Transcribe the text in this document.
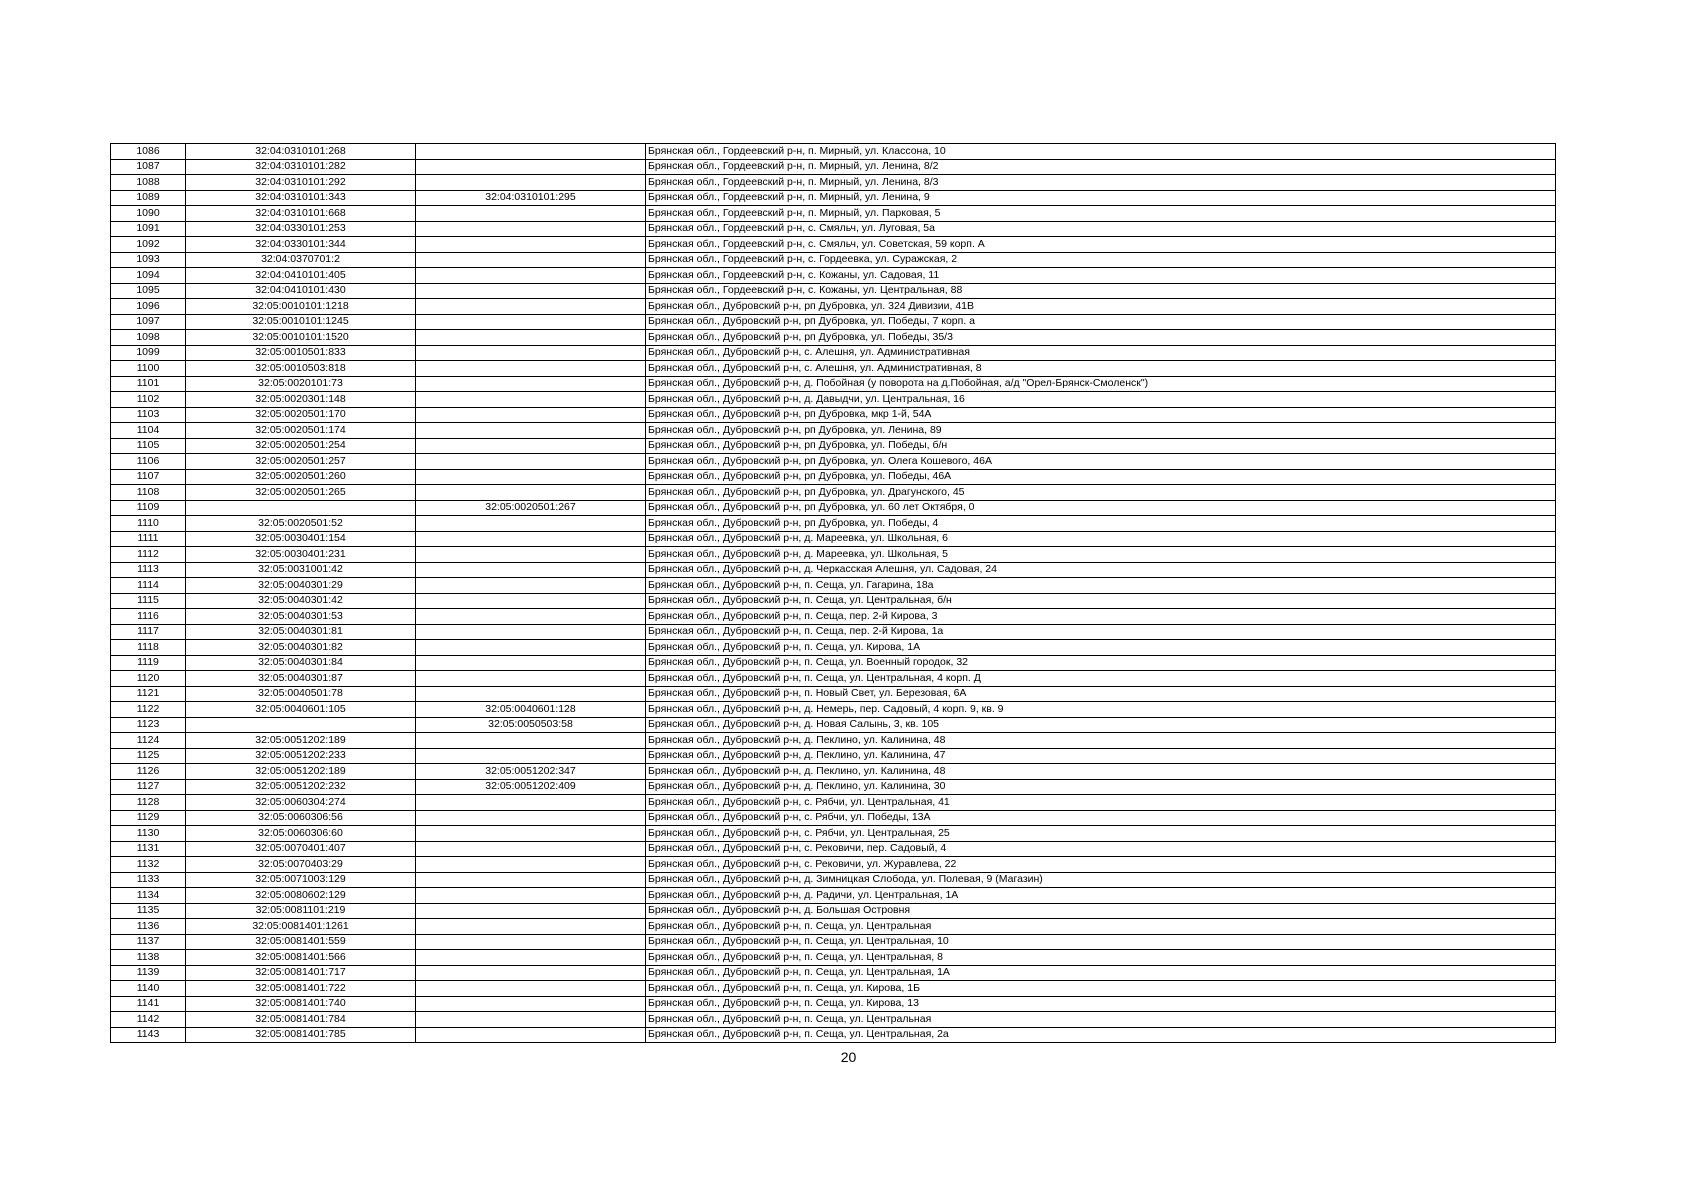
1086	32:04:0310101:268		Брянская обл., Гордеевский р-н, п. Мирный, ул. Классона, 10
1087	32:04:0310101:282		Брянская обл., Гордеевский р-н, п. Мирный, ул. Ленина, 8/2
1088	32:04:0310101:292		Брянская обл., Гордеевский р-н, п. Мирный, ул. Ленина, 8/3
1089	32:04:0310101:343	32:04:0310101:295	Брянская обл., Гордеевский р-н, п. Мирный, ул. Ленина, 9
1090	32:04:0310101:668		Брянская обл., Гордеевский р-н, п. Мирный, ул. Парковая, 5
1091	32:04:0330101:253		Брянская обл., Гордеевский р-н, с. Смяльч, ул. Луговая, 5а
1092	32:04:0330101:344		Брянская обл., Гордеевский р-н, с. Смяльч, ул. Советская, 59 корп. А
1093	32:04:0370701:2		Брянская обл., Гордеевский р-н, с. Гордеевка, ул. Суражская, 2
1094	32:04:0410101:405		Брянская обл., Гордеевский р-н, с. Кожаны, ул. Садовая, 11
1095	32:04:0410101:430		Брянская обл., Гордеевский р-н, с. Кожаны, ул. Центральная, 88
1096	32:05:0010101:1218		Брянская обл., Дубровский р-н, рп Дубровка, ул. 324 Дивизии, 41В
1097	32:05:0010101:1245		Брянская обл., Дубровский р-н, рп Дубровка, ул. Победы, 7 корп. а
1098	32:05:0010101:1520		Брянская обл., Дубровский р-н, рп Дубровка, ул. Победы, 35/3
1099	32:05:0010501:833		Брянская обл., Дубровский р-н, с. Алешня, ул. Административная
1100	32:05:0010503:818		Брянская обл., Дубровский р-н, с. Алешня, ул. Административная, 8
1101	32:05:0020101:73		Брянская обл., Дубровский р-н, д. Побойная (у поворота на д.Побойная, а/д "Орел-Брянск-Смоленск")
1102	32:05:0020301:148		Брянская обл., Дубровский р-н, д. Давыдчи, ул. Центральная, 16
1103	32:05:0020501:170		Брянская обл., Дубровский р-н, рп Дубровка, мкр 1-й, 54А
1104	32:05:0020501:174		Брянская обл., Дубровский р-н, рп Дубровка, ул. Ленина, 89
1105	32:05:0020501:254		Брянская обл., Дубровский р-н, рп Дубровка, ул. Победы, б/н
1106	32:05:0020501:257		Брянская обл., Дубровский р-н, рп Дубровка, ул. Олега Кошевого, 46А
1107	32:05:0020501:260		Брянская обл., Дубровский р-н, рп Дубровка, ул. Победы, 46А
1108	32:05:0020501:265		Брянская обл., Дубровский р-н, рп Дубровка, ул. Драгунского, 45
1109		32:05:0020501:267	Брянская обл., Дубровский р-н, рп Дубровка, ул. 60 лет Октября, 0
1110	32:05:0020501:52		Брянская обл., Дубровский р-н, рп Дубровка, ул. Победы, 4
1111	32:05:0030401:154		Брянская обл., Дубровский р-н, д. Мареевка, ул. Школьная, 6
1112	32:05:0030401:231		Брянская обл., Дубровский р-н, д. Мареевка, ул. Школьная, 5
1113	32:05:0031001:42		Брянская обл., Дубровский р-н, д. Черкасская Алешня, ул. Садовая, 24
1114	32:05:0040301:29		Брянская обл., Дубровский р-н, п. Сеща, ул. Гагарина, 18а
1115	32:05:0040301:42		Брянская обл., Дубровский р-н, п. Сеща, ул. Центральная, б/н
1116	32:05:0040301:53		Брянская обл., Дубровский р-н, п. Сеща, пер. 2-й Кирова, 3
1117	32:05:0040301:81		Брянская обл., Дубровский р-н, п. Сеща, пер. 2-й Кирова, 1а
1118	32:05:0040301:82		Брянская обл., Дубровский р-н, п. Сеща, ул. Кирова, 1А
1119	32:05:0040301:84		Брянская обл., Дубровский р-н, п. Сеща, ул. Военный городок, 32
1120	32:05:0040301:87		Брянская обл., Дубровский р-н, п. Сеща, ул. Центральная, 4 корп. Д
1121	32:05:0040501:78		Брянская обл., Дубровский р-н, п. Новый Свет, ул. Березовая, 6А
1122	32:05:0040601:105	32:05:0040601:128	Брянская обл., Дубровский р-н, д. Немерь, пер. Садовый, 4 корп. 9, кв. 9
1123		32:05:0050503:58	Брянская обл., Дубровский р-н, д. Новая Салынь, 3, кв. 105
1124	32:05:0051202:189		Брянская обл., Дубровский р-н, д. Пеклино, ул. Калинина, 48
1125	32:05:0051202:233		Брянская обл., Дубровский р-н, д. Пеклино, ул. Калинина, 47
1126	32:05:0051202:189	32:05:0051202:347	Брянская обл., Дубровский р-н, д. Пеклино, ул. Калинина, 48
1127	32:05:0051202:232	32:05:0051202:409	Брянская обл., Дубровский р-н, д. Пеклино, ул. Калинина, 30
1128	32:05:0060304:274		Брянская обл., Дубровский р-н, с. Рябчи, ул. Центральная, 41
1129	32:05:0060306:56		Брянская обл., Дубровский р-н, с. Рябчи, ул. Победы, 13А
1130	32:05:0060306:60		Брянская обл., Дубровский р-н, с. Рябчи, ул. Центральная, 25
1131	32:05:0070401:407		Брянская обл., Дубровский р-н, с. Рековичи, пер. Садовый, 4
1132	32:05:0070403:29		Брянская обл., Дубровский р-н, с. Рековичи, ул. Журавлева, 22
1133	32:05:0071003:129		Брянская обл., Дубровский р-н, д. Зимницкая Слобода, ул. Полевая, 9 (Магазин)
1134	32:05:0080602:129		Брянская обл., Дубровский р-н, д. Радичи, ул. Центральная, 1А
1135	32:05:0081101:219		Брянская обл., Дубровский р-н, д. Большая Островня
1136	32:05:0081401:1261		Брянская обл., Дубровский р-н, п. Сеща, ул. Центральная
1137	32:05:0081401:559		Брянская обл., Дубровский р-н, п. Сеща, ул. Центральная, 10
1138	32:05:0081401:566		Брянская обл., Дубровский р-н, п. Сеща, ул. Центральная, 8
1139	32:05:0081401:717		Брянская обл., Дубровский р-н, п. Сеща, ул. Центральная, 1А
1140	32:05:0081401:722		Брянская обл., Дубровский р-н, п. Сеща, ул. Кирова, 1Б
1141	32:05:0081401:740		Брянская обл., Дубровский р-н, п. Сеща, ул. Кирова, 13
1142	32:05:0081401:784		Брянская обл., Дубровский р-н, п. Сеща, ул. Центральная
1143	32:05:0081401:785		Брянская обл., Дубровский р-н, п. Сеща, ул. Центральная, 2а
20
